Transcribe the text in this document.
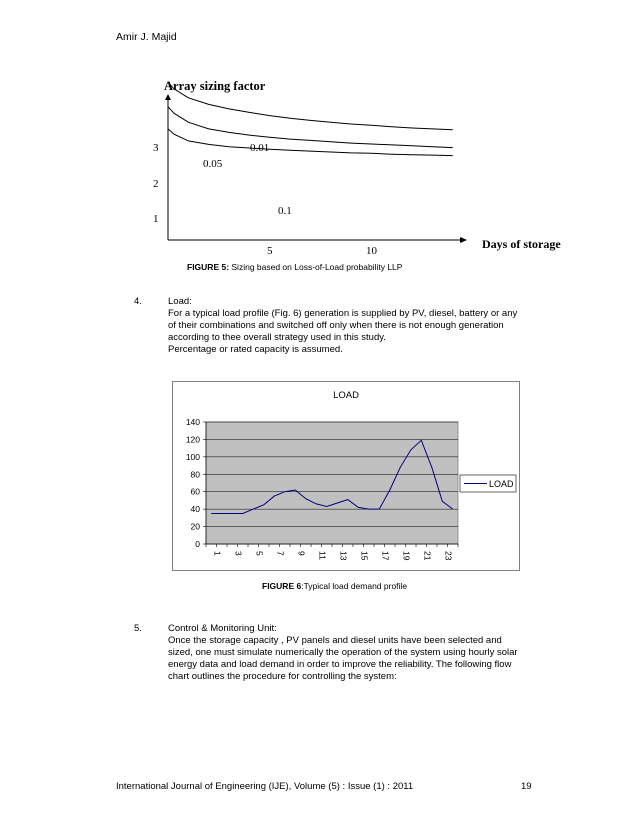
Amir J. Majid
Array sizing factor
Days of storage
0.01
0.05
0.1
1
2
3
5	10
FIGURE 5: Sizing based on Loss-of-Load probability LLP
4.	Load:
For a typical load profile (Fig. 6) generation is supplied by PV, diesel, battery or any
of their combinations and switched off only when there is not enough generation
according to thee overall strategy used in this study.
Percentage or rated capacity is assumed.
LOAD
0
20
40
60
80
100
120
140
1 3 5 7 9 11 13 15 17 19 21 23
LOAD
FIGURE 6:Typical load demand profile
5.	Control & Monitoring Unit:
Once the storage capacity , PV panels and diesel units have been selected and
sized, one must simulate numerically the operation of the system using hourly solar
energy data and load demand in order to improve the reliability. The following flow
chart outlines the procedure for controlling the system:
International Journal of Engineering (IJE), Volume (5) : Issue (1) : 2011	19
